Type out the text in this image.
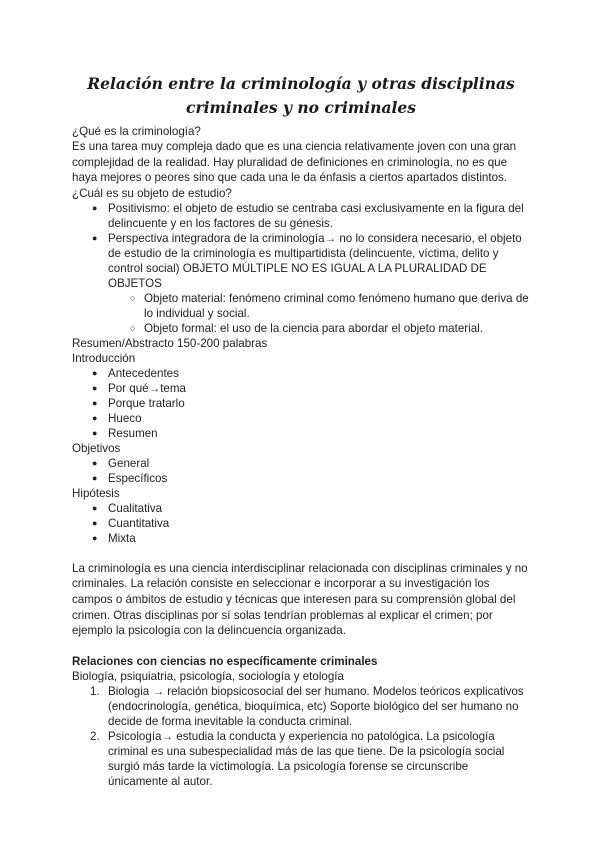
Relación entre la criminología y otras disciplinas criminales y no criminales

¿Qué es la criminología?

Es una tarea muy compleja dado que es una ciencia relativamente joven con una gran complejidad de la realidad. Hay pluralidad de definiciones en criminología, no es que haya mejores o peores sino que cada una le da énfasis a ciertos apartados distintos.

¿Cuál es su objeto de estudio?

● Positivismo: el objeto de estudio se centraba casi exclusivamente en la figura del delincuente y en los factores de su génesis.
● Perspectiva integradora de la criminología→ no lo considera necesario, el objeto de estudio de la criminología es multipartidista (delincuente, víctima, delito y control social) OBJETO MÚLTIPLE NO ES IGUAL A LA PLURALIDAD DE OBJETOS
○ Objeto material: fenómeno criminal como fenómeno humano que deriva de lo individual y social.
○ Objeto formal: el uso de la ciencia para abordar el objeto material.

Resumen/Abstracto 150-200 palabras

Introducción

● Antecedentes
● Por qué→tema
● Porque tratarlo
● Hueco
● Resumen

Objetivos

● General
● Específicos

Hipótesis

● Cualitativa
● Cuantitativa
● Mixta

La criminología es una ciencia interdisciplinar relacionada con disciplinas criminales y no criminales. La relación consiste en seleccionar e incorporar a su investigación los campos o ámbitos de estudio y técnicas que interesen para su comprensión global del crimen. Otras disciplinas por sí solas tendrían problemas al explicar el crimen; por ejemplo la psicología con la delincuencia organizada.

Relaciones con ciencias no específicamente criminales

Biología, psiquiatria, psicología, sociología y etología

1. Biologia → relación biopsicosocial del ser humano. Modelos teóricos explicativos (endocrinología, genética, bioquímica, etc) Soporte biológico del ser humano no decide de forma inevitable la conducta criminal.
2. Psicología→ estudia la conducta y experiencia no patológica. La psicología criminal es una subespecialidad más de las que tiene. De la psicología social surgió más tarde la victimología. La psicología forense se circunscribe únicamente al autor.
